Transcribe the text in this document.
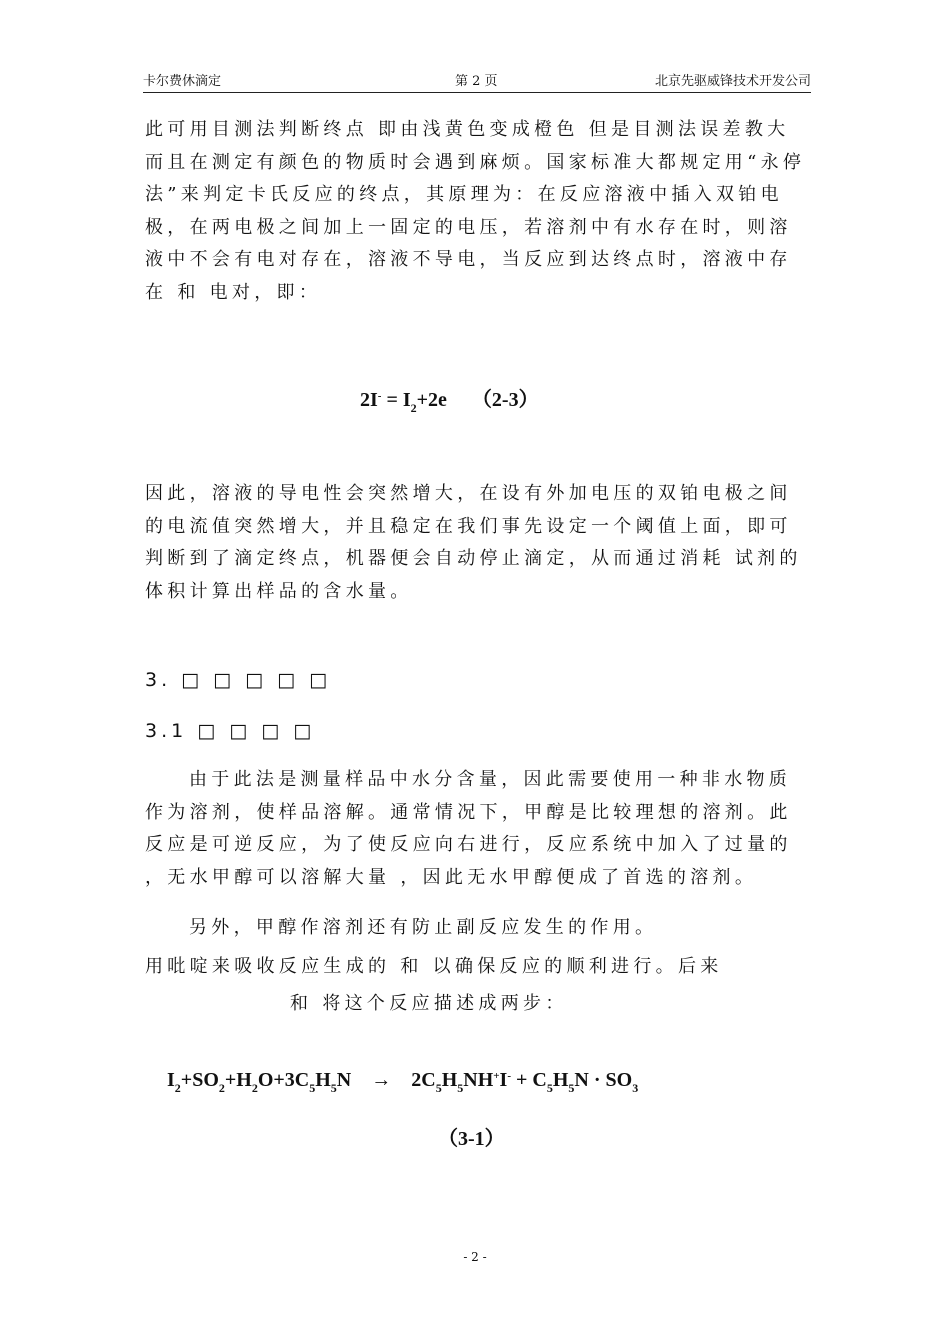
卡尔费休滴定	第 2 页	北京先驱威锋技术开发公司
此可用目测法判断终点 即由浅黄色变成橙色 但是目测法误差教大而且在测定有颜色的物质时会遇到麻烦。国家标准大都规定用“永停法”来判定卡氏反应的终点，其原理为：在反应溶液中插入双铂电极，在两电极之间加上一固定的电压，若溶剂中有水存在时，则溶液中不会有电对存在，溶液不导电，当反应到达终点时，溶液中存在 和 电对，即：
$2I^- = I_2+2e$     （2-3）
因此，溶液的导电性会突然增大，在设有外加电压的双铂电极之间的电流值突然增大，并且稳定在我们事先设定一个阈值上面，即可判断到了滴定终点，机器便会自动停止滴定，从而通过消耗 试剂的体积计算出样品的含水量。
3. □ □ □ □ □
3.1 □ □ □ □
由于此法是测量样品中水分含量，因此需要使用一种非水物质作为溶剂，使样品溶解。通常情况下，甲醇是比较理想的溶剂。此反应是可逆反应，为了使反应向右进行，反应系统中加入了过量的 ，无水甲醇可以溶解大量 ，因此无水甲醇便成了首选的溶剂。
另外，甲醇作溶剂还有防止副反应发生的作用。
用吡啶来吸收反应生成的 和 以确保反应的顺利进行。后来
和 将这个反应描述成两步：
$I_2+SO_2+H_2O+3C_5H_5N$    →    $2C_5H_5NH^+I^- + C_5H_5N \cdot SO_3$
（3-1）
- 2 -
